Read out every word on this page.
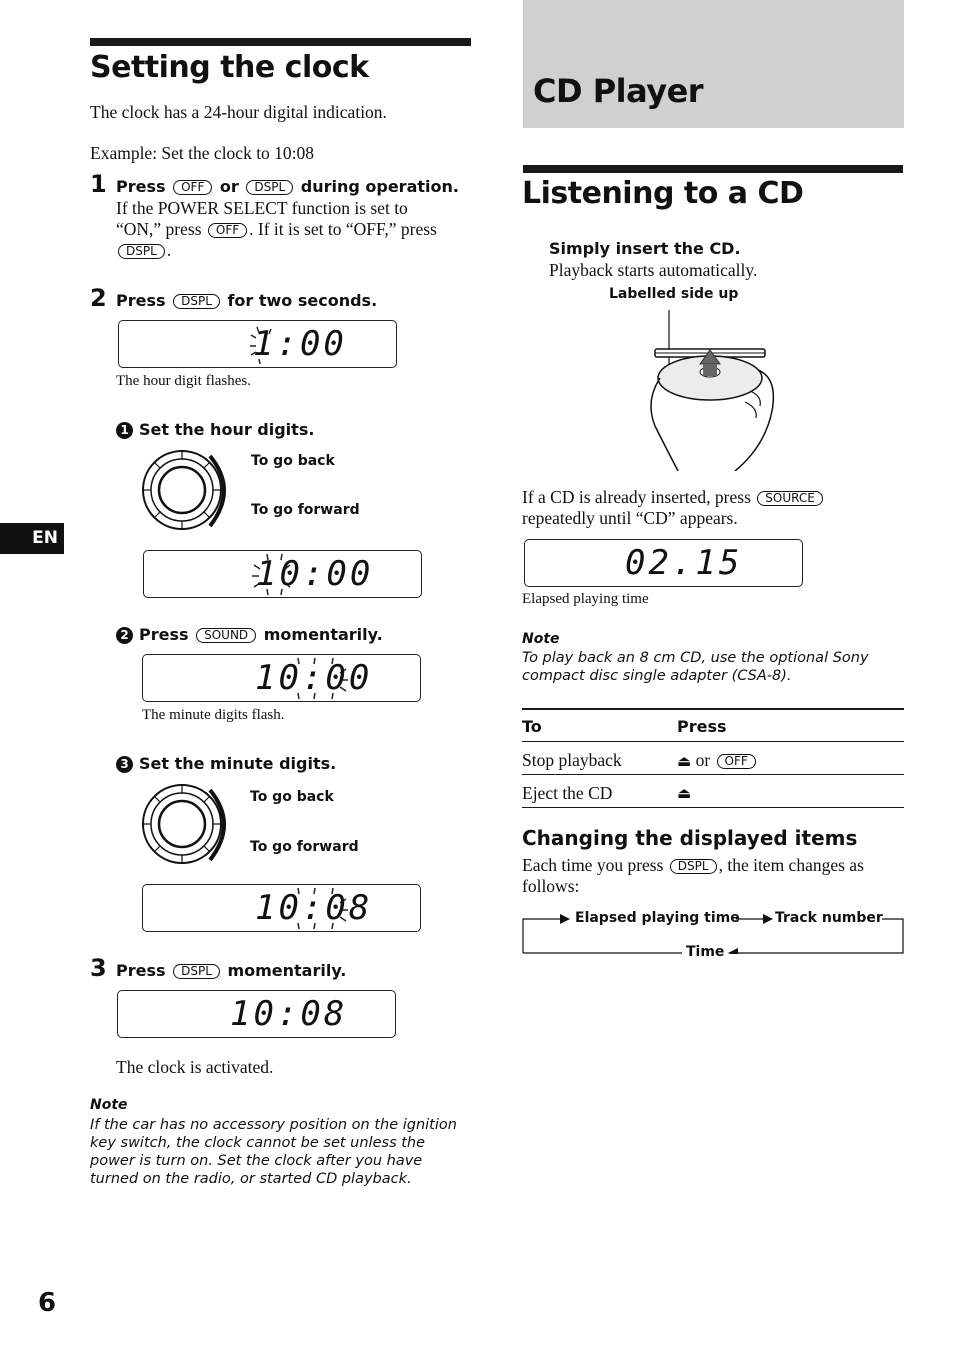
Setting the clock
The clock has a 24-hour digital indication.
Example: Set the clock to 10:08
1 Press OFF or DSPL during operation.
If the POWER SELECT function is set to “ON,” press OFF . If it is set to “OFF,” press DSPL .
2 Press DSPL for two seconds.
1:00
The hour digit flashes.
1 Set the hour digits.
To go back
To go forward
10:00
2 Press SOUND momentarily.
10:00
The minute digits flash.
3 Set the minute digits.
To go back
To go forward
10:08
3 Press DSPL momentarily.
10:08
The clock is activated.
Note
If the car has no accessory position on the ignition key switch, the clock cannot be set unless the power is turn on. Set the clock after you have turned on the radio, or started CD playback.
EN
6
CD Player
Listening to a CD
Simply insert the CD.
Playback starts automatically.
Labelled side up
If a CD is already inserted, press SOURCE
repeatedly until “CD” appears.
02.15
Elapsed playing time
Note
To play back an 8 cm CD, use the optional Sony compact disc single adapter (CSA-8).
To	Press
Stop playback	⏏ or OFF
Eject the CD	⏏
Changing the displayed items
Each time you press DSPL , the item changes as follows:
Elapsed playing time	Track number
Time
